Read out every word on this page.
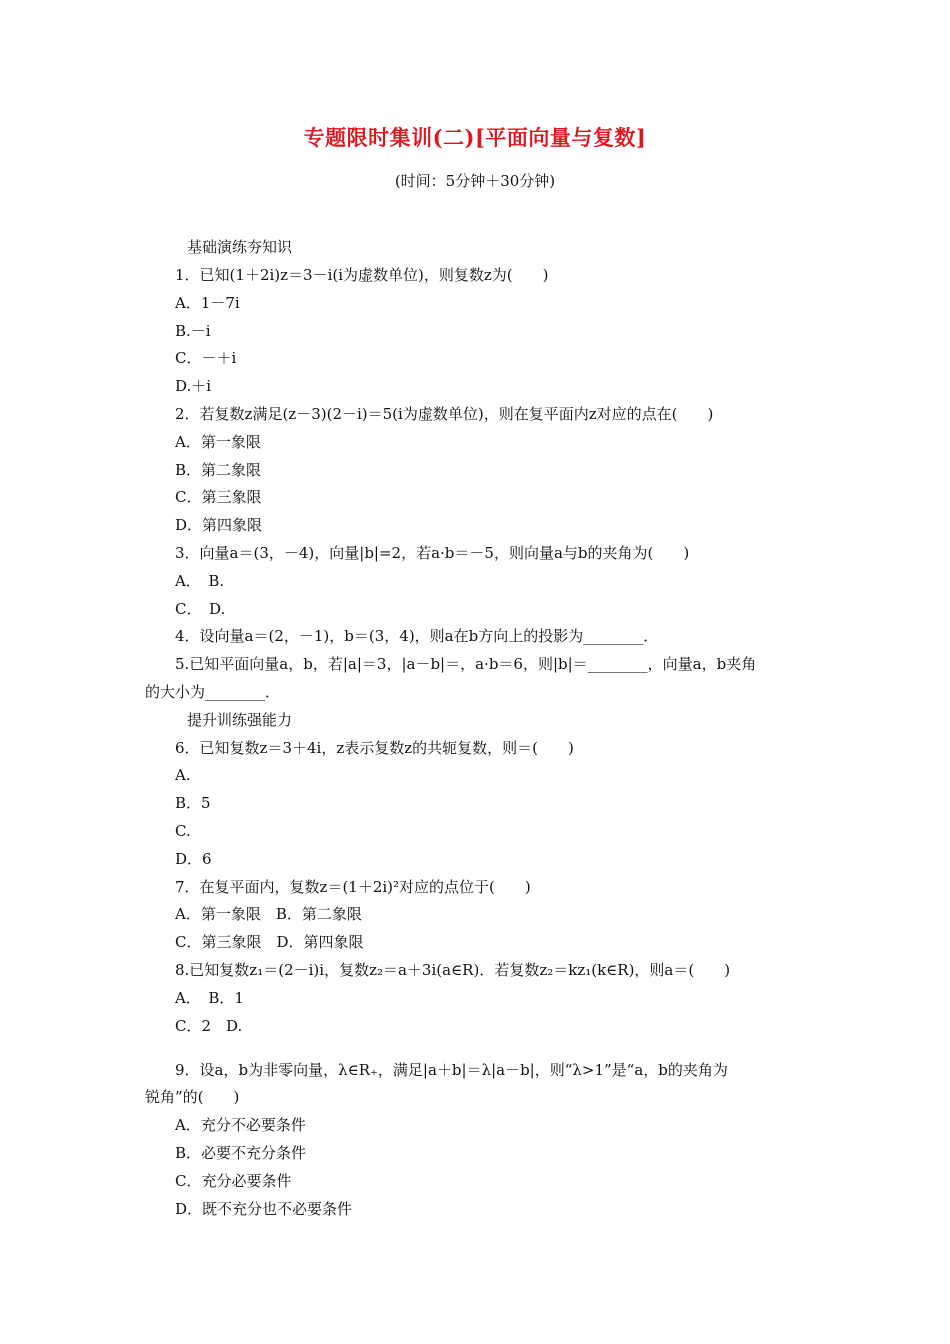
专题限时集训(二)[平面向量与复数]
(时间：5分钟＋30分钟)
基础演练夯知识
1．已知(1＋2i)z＝3－i(i为虚数单位)，则复数z为(　　)
A．1－7i
B.－i
C．－＋i
D.＋i
2．若复数z满足(z－3)(2－i)＝5(i为虚数单位)，则在复平面内z对应的点在(　　)
A．第一象限
B．第二象限
C．第三象限
D．第四象限
3．向量a＝(3，－4)，向量|b|=2，若a·b＝－5，则向量a与b的夹角为(　　)
A．　B.
C．　D.
4．设向量a＝(2，－1)，b＝(3，4)，则a在b方向上的投影为________．
5.已知平面向量a，b，若|a|＝3，|a－b|＝，a·b＝6，则|b|＝________，向量a，b夹角
的大小为________．
提升训练强能力
6．已知复数z＝3＋4i，z表示复数z的共轭复数，则＝(　　)
A.
B．5
C.
D．6
7．在复平面内，复数z＝(1＋2i)²对应的点位于(　　)
A．第一象限　B．第二象限
C．第三象限　D．第四象限
8.已知复数z₁＝(2－i)i，复数z₂＝a＋3i(a∈R)．若复数z₂＝kz₁(k∈R)，则a＝(　　)
A．　B．1
C．2　D.
9．设a，b为非零向量，λ∈R₊，满足|a＋b|＝λ|a－b|，则“λ>1”是“a，b的夹角为
锐角”的(　　)
A．充分不必要条件
B．必要不充分条件
C．充分必要条件
D．既不充分也不必要条件
